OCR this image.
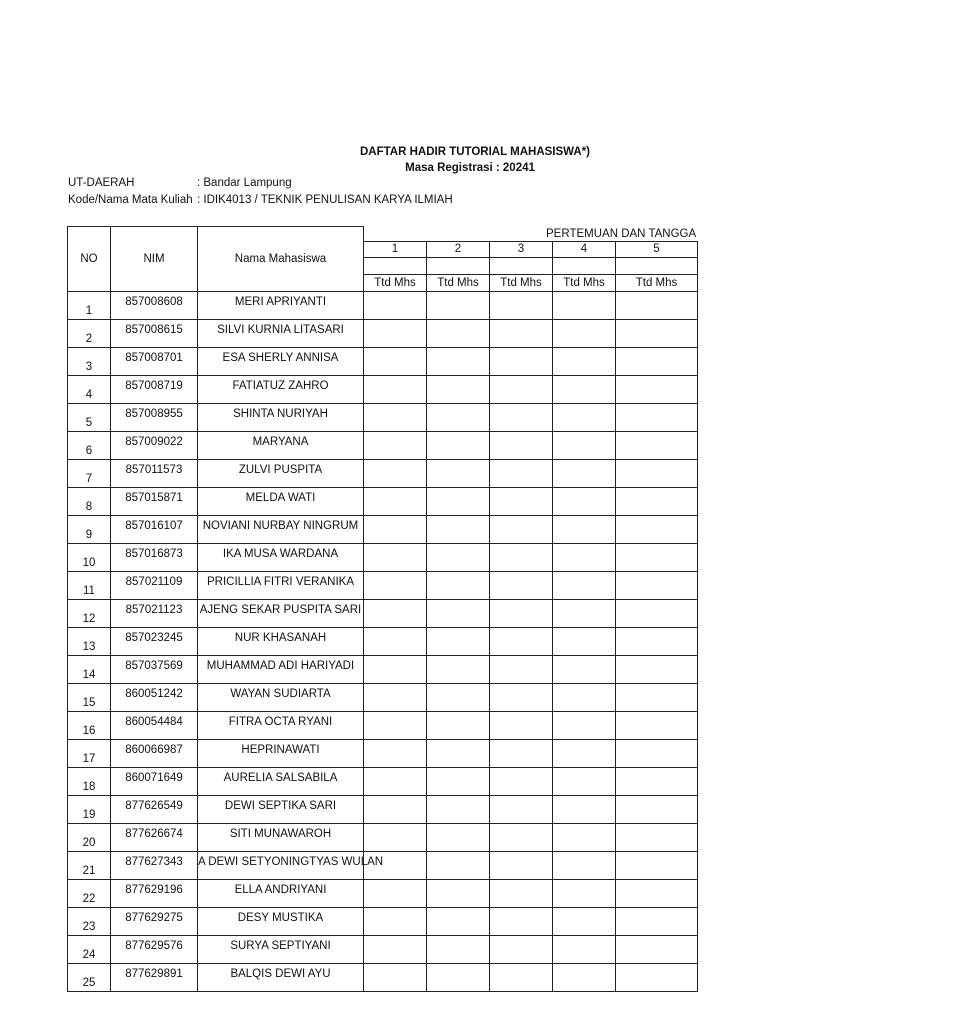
DAFTAR HADIR TUTORIAL MAHASISWA*)
Masa Registrasi : 20241
UT-DAERAH	: Bandar Lampung
Kode/Nama Mata Kuliah : IDIK4013 / TEKNIK PENULISAN KARYA ILMIAH
NO	NIM	Nama Mahasiswa	PERTEMUAN DAN TANGGA				
			1	2	3	4	5

			Ttd Mhs	Ttd Mhs	Ttd Mhs	Ttd Mhs	Ttd Mhs
1	857008608	MERI APRIYANTI					
2	857008615	SILVI KURNIA LITASARI					
3	857008701	ESA SHERLY ANNISA					
4	857008719	FATIATUZ ZAHRO					
5	857008955	SHINTA NURIYAH					
6	857009022	MARYANA					
7	857011573	ZULVI PUSPITA					
8	857015871	MELDA WATI					
9	857016107	NOVIANI NURBAY NINGRUM					
10	857016873	IKA MUSA WARDANA					
11	857021109	PRICILLIA FITRI VERANIKA					
12	857021123	AJENG SEKAR PUSPITA SARI					
13	857023245	NUR KHASANAH					
14	857037569	MUHAMMAD ADI HARIYADI					
15	860051242	WAYAN SUDIARTA					
16	860054484	FITRA OCTA RYANI					
17	860066987	HEPRINAWATI					
18	860071649	AURELIA SALSABILA					
19	877626549	DEWI SEPTIKA SARI					
20	877626674	SITI MUNAWAROH					
21	877627343	A DEWI SETYONINGTYAS WULAN					
22	877629196	ELLA ANDRIYANI					
23	877629275	DESY MUSTIKA					
24	877629576	SURYA SEPTIYANI					
25	877629891	BALQIS DEWI AYU					
